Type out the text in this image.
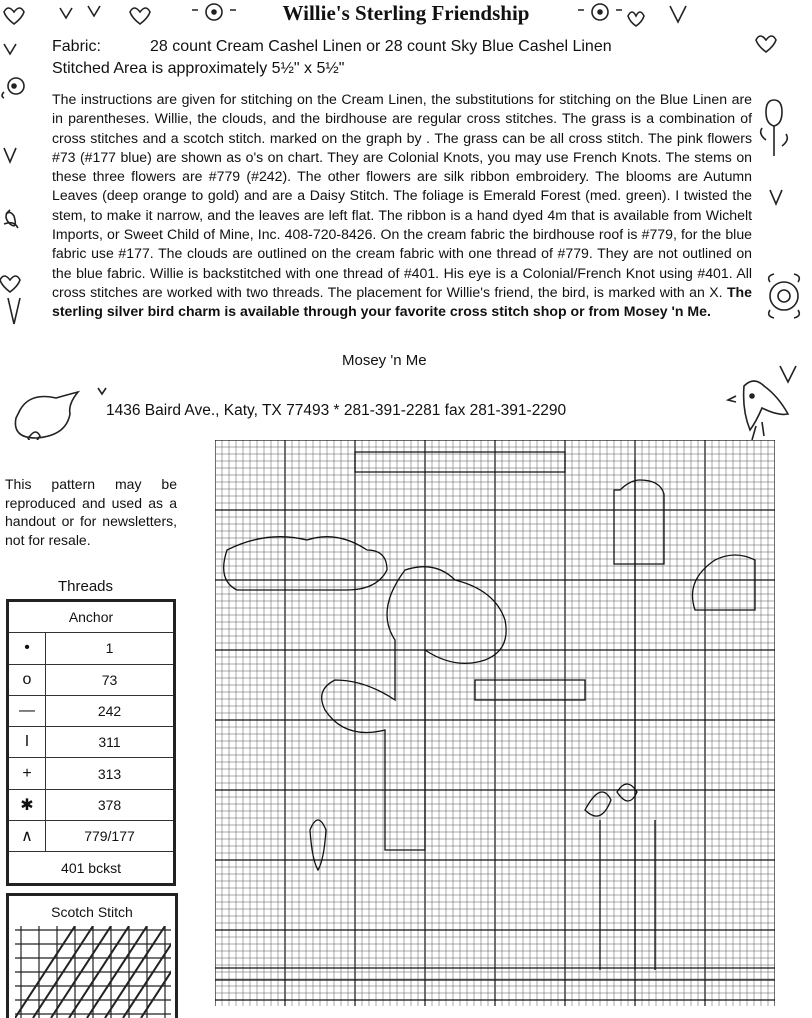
Willie's Sterling Friendship
Fabric:	28 count Cream Cashel Linen or 28 count Sky Blue Cashel Linen
Stitched Area is approximately 5½" x 5½"

The instructions are given for stitching on the Cream Linen, the substitutions for stitching on the Blue Linen are in parentheses. Willie, the clouds, and the birdhouse are regular cross stitches. The grass is a combination of cross stitches and a scotch stitch. marked on the graph by . The grass can be all cross stitch. The pink flowers #73 (#177 blue) are shown as o's on chart. They are Colonial Knots, you may use French Knots. The stems on these three flowers are #779 (#242). The other flowers are silk ribbon embroidery. The blooms are Autumn Leaves (deep orange to gold) and are a Daisy Stitch. The foliage is Emerald Forest (med. green). I twisted the stem, to make it narrow, and the leaves are left flat. The ribbon is a hand dyed 4m that is available from Wichelt Imports, or Sweet Child of Mine, Inc. 408-720-8426. On the cream fabric the birdhouse roof is #779, for the blue fabric use #177. The clouds are outlined on the cream fabric with one thread of #779. They are not outlined on the blue fabric. Willie is backstitched with one thread of #401. His eye is a Colonial/French Knot using #401. All cross stitches are worked with two threads. The placement for Willie's friend, the bird, is marked with an X. The sterling silver bird charm is available through your favorite cross stitch shop or from Mosey 'n Me.

Mosey 'n Me
1436 Baird Ave., Katy, TX 77493 * 281-391-2281 fax 281-391-2290
This pattern may be reproduced and used as a handout or for newsletters, not for resale.
Threads
Anchor
•	1
o	73
—	242
I	311
+	313
✱	378
∧	779/177
401 bckst
Scotch Stitch
